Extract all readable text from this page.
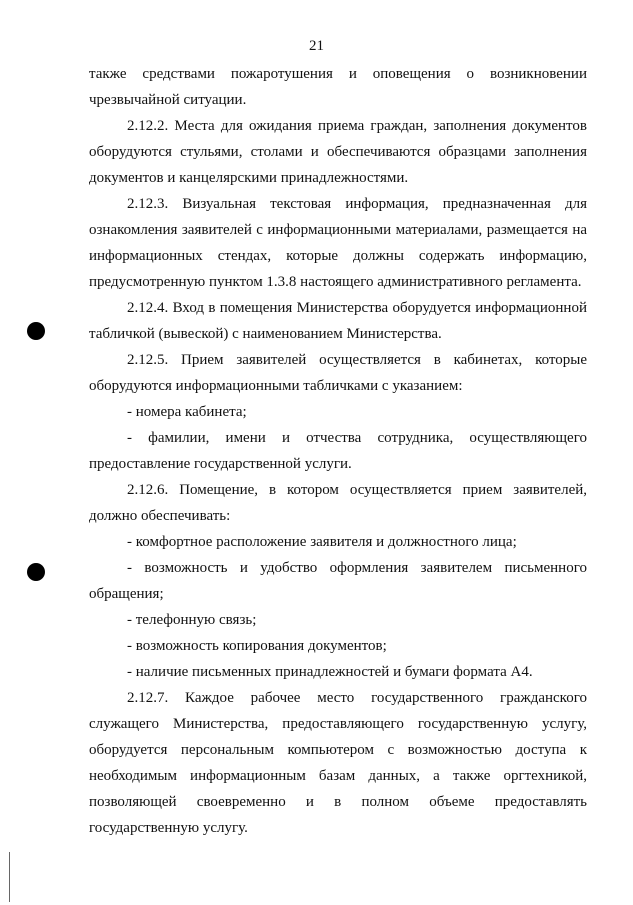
21

также средствами пожаротушения и оповещения о возникновении чрезвычайной ситуации.

2.12.2. Места для ожидания приема граждан, заполнения документов оборудуются стульями, столами и обеспечиваются образцами заполнения документов и канцелярскими принадлежностями.

2.12.3. Визуальная текстовая информация, предназначенная для ознакомления заявителей с информационными материалами, размещается на информационных стендах, которые должны содержать информацию, предусмотренную пунктом 1.3.8 настоящего административного регламента.

2.12.4. Вход в помещения Министерства оборудуется информационной табличкой (вывеской) с наименованием Министерства.

2.12.5. Прием заявителей осуществляется в кабинетах, которые оборудуются информационными табличками с указанием:

- номера кабинета;

- фамилии, имени и отчества сотрудника, осуществляющего предоставление государственной услуги.

2.12.6. Помещение, в котором осуществляется прием заявителей, должно обеспечивать:

- комфортное расположение заявителя и должностного лица;

- возможность и удобство оформления заявителем письменного обращения;

- телефонную связь;

- возможность копирования документов;

- наличие письменных принадлежностей и бумаги формата А4.

2.12.7. Каждое рабочее место государственного гражданского служащего Министерства, предоставляющего государственную услугу, оборудуется персональным компьютером с возможностью доступа к необходимым информационным базам данных, а также оргтехникой, позволяющей своевременно и в полном объеме предоставлять государственную услугу.
